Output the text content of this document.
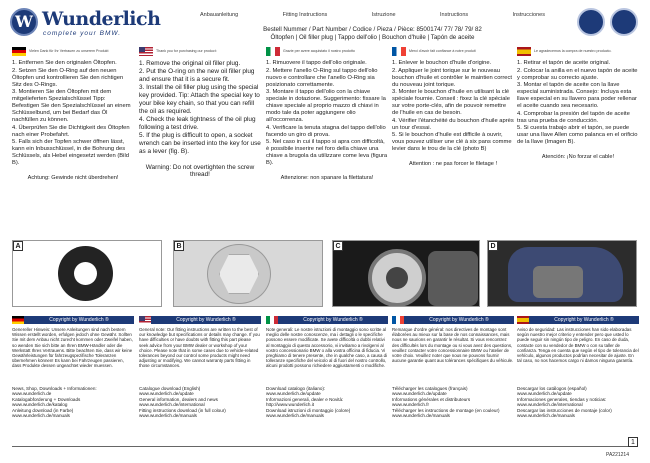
W Wunderlich
complete your BMW.
Anbauanleitung	Fitting Instructions	Istruzione	Instructions	Instrucciones
Bestell Nummer / Part Number / Codice / Pieza / Pièce: 8500174/ 77/ 78/ 79/ 82
Öltopfen | Oil filler plug | Tappo dell'olio | Bouchon d'huile | Tapón de aceite
Vielen Dank für Ihr Vertrauen zu unserem Produkt

1. Entfernen Sie den originalen Öltopfen.

2. Setzen Sie den O-Ring auf den neuen Öltopfen und kontrollieren Sie den richtigen Sitz des O-Rings.

3. Montieren Sie den Öltopfen mit dem mitgelieferten Spezialschlüssel Tipp: Befestigen Sie den Spezialschlüssel an einem Schlüsselbund, um bei Bedarf das Öl nachfüllen zu können.

4. Überprüfen Sie die Dichtigkeit des Öltopfen nach einer Probefahrt.

5. Falls sich der Topfen schwer öffnen lässt, kann ein Inbusschlüssel, in die Bohrung des Schlüssels, als Hebel eingesetzt werden (Bild B).

Achtung: Gewinde nicht überdrehen!
Thank you for purchasing our product:

1. Remove the original oil filler plug.

2. Put the O-ring on the new oil filler plug and ensure that it is a secure fit.

3. Install the oil filler plug using the special key provided. Tip: Attach the special key to your bike key chain, so that you can refill the oil as required.

4. Check the leak tightness of the oil plug following a test drive.

5. If the plug is difficult to open, a socket wrench can be inserted into the key for use as a lever (fig. B).

Warning: Do not overtighten the screw thread!
Grazie per avere acquistato il nostro prodotto

1. Rimuovere il tappo dell'olio originale.

2. Mettere l'anello O-Ring sul tappo dell'olio nuovo e controllare che l'anello O-Ring sia posizionato correttamente.

3. Montare il tappo dell'olio con la chiave speciale in dotazione. Suggerimento: fissare la chiave speciale al proprio mazzo di chiavi in modo tale da poter aggiungere olio all'occorrenza.

4. Verificare la tenuta stagna del tappo dell'olio facendo un giro di prova.

5. Nel caso in cui il tappo si apra con difficoltà, è possibile inserire nel foro della chiave una chiave a brugola da utilizzare come leva (figura B).

Attenzione: non spanare la filettatura!
Merci d'avoir fait confiance à notre produit

1. Enlever le bouchon d'huile d'origine.

2. Appliquer le joint torique sur le nouveau bouchon d'huile et contrôler le maintien correct du nouveau joint torique.

3. Monter le bouchon d'huile en utilisant la clé spéciale fournie. Conseil : fixez la clé spéciale sur votre porte-clés, afin de pouvoir remettre de l'huile en cas de besoin.

4. Vérifier l'étanchéité du bouchon d'huile après un tour d'essai.

5. Si le bouchon d'huile est difficile à ouvrir, vous pouvez utiliser une clé à six pans comme levier dans le trou de la clé (photo B)

Attention : ne pas forcer le filetage !
Le agradecemos la compra de nuestro producto.

1. Retirar el tapón de aceite original.

2. Colocar la anilla en el nuevo tapón de aceite y comprobar su correcto ajuste.

3. Montar el tapón de aceite con la llave especial suministrada. Consejo: Incluya esta llave especial en su llavero para poder rellenar el aceite cuando sea necesario.

4. Comprobar la presión del tapón de aceite tras una prueba de conducción.

5. Si cuesta trabajo abrir el tapón, se puede usar una llave Allen como palanca en el orificio de la llave (Imagen B).

Atención: ¡No forzar el cable!
A	B	C	D
Copyright by Wunderlich ®
Genereller Hinweis: Unsere Anleitungen sind nach bestem Wissen erstellt worden, erfolgen jedoch ohne Gewähr. Sollten Sie mit dem Anbau nicht zurecht kommen oder Zweifel haben, so wenden Sie sich bitte an Ihren BMW-Händler oder die Werkstatt Ihres Vertrauens. Bitte beachten Sie, dass wir keine Gewährleistungen für fahrzeugspezifische Toleranzen übernehmen können! Es kann bei Fahrzeugen passieren, dass Produkte dessen ungeachtet wieder muessen.
News, Shop, Downloads + Informationen:
www.wunderlich.de
Katalogabforderung + Downloads
www.wunderlich.de/katalog
Anleitung download (in Farbe)
www.wunderlich.de/manuals
Copyright by Wunderlich ®
General note: Our fitting instructions are written to the best of our knowledge but specifications or details may change. If you have difficulties or have doubts with fitting this part please seek advice from your BMW dealer or workshop of your choice. Please note that in some cases due to vehicle-related tolerances beyond our control some products might need adjusting or modifying. We cannot warranty parts fitting in those circumstances.
Catalogue download (English)
www.wunderlich.de/update
General information, dealers and news
www.wunderlich.de/international
Fitting instructions download (in full colour)
www.wunderlich.de/manuals
Copyright by Wunderlich ®
Note generali: Le nostre istruzioni di montaggio sono scritte al meglio delle nostre conoscenze, ma i dettagli o le specifiche possono essere modificate. Se avete difficoltà o dubbi relativi al montaggio di questo accessorio, vi invitiamo a rivolgervi al vostro concessionario BMW o alla vostra officina di fiducia. Vi preghiamo di tenere presente, che in qualche caso, a causa di tolleranze specifiche del veicolo al di fuori del nostro controllo, alcuni prodotti possono richiedere aggiustamenti o modifiche.
Download catalogo (italiano):
www.wunderlich.de/update
Informazioni generali, dealer e Novità:
http://www.wunderlich.it
Download istruzioni di montaggio (colore)
www.wunderlich.de/manuals
Copyright by Wunderlich ®
Remarque d'ordre général: nos directives de montage sont élaborées au mieux sur la base de nos connaissances, mais nous ne saurions en garantir le résultat. Si vous rencontrez des difficultés lors du montage ou si vous avez des questions, veuillez contacter votre concessionnaire BMW ou l'atelier de votre choix. Veuillez noter que nous ne pouvons fournir aucune garantie quant aux tolérances spécifiques du véhicule.
Télécharger les catalogues (français)
www.wunderlich.de/update
Informations générales et distributeurs
www.wunderlich.fr
Télécharger les instructions de montage (en couleur)
www.wunderlich.de/manuals
Copyright by Wunderlich ®
Aviso de seguridad: Las instrucciones han sido elaboradas según nuestro mejor criterio y entender pero que usted lo puede seguir sin ningún tipo de peligro. En caso de duda, contacte con su vendedor de BMW o con su taller de confianza. Tenga en cuenta que según el tipo de tolerancia del vehículo, algunos productos podrían necesitar de ajuste. En tal caso, no nos hacemos cargo ni damos ninguna garantía.
Descargar los catálogos (español)
www.wunderlich.de/update
Informaciones generales, tiendas y noticias:
www.wunderlich.de/international
Descargar las instrucciones de montaje (color)
www.wunderlich.de/manuals
1
PA221214
